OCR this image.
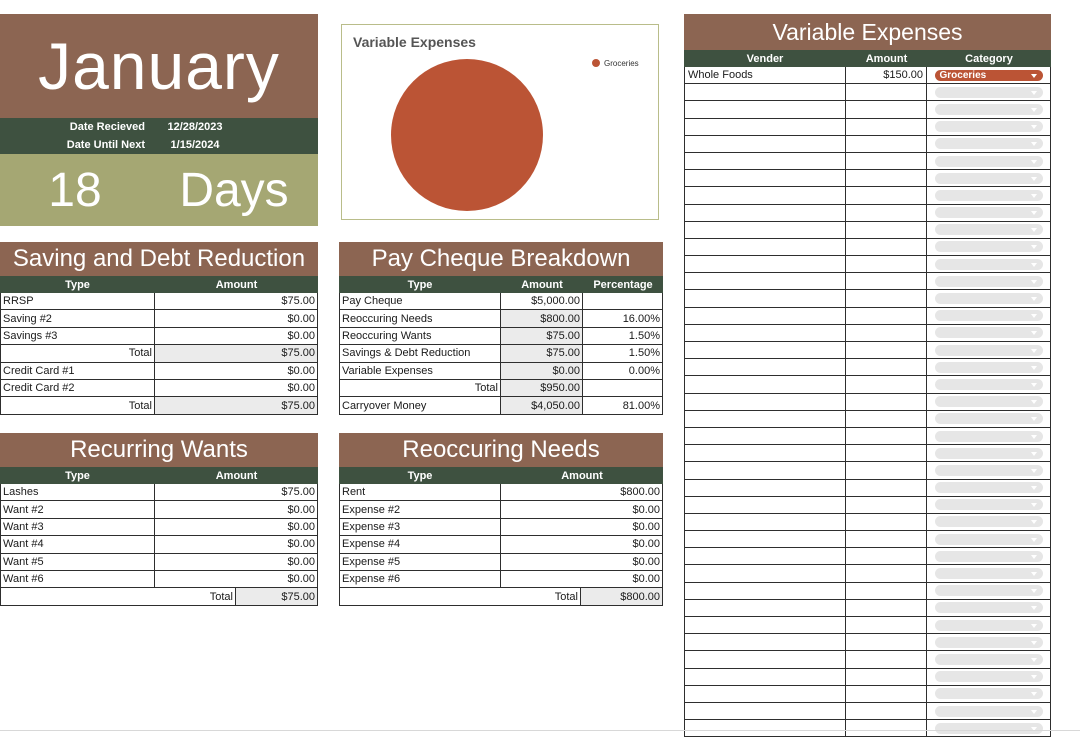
January
Date Recieved	12/28/2023
Date Until Next	1/15/2024
18	Days
Groceries
Variable Expenses
Saving and Debt Reduction
Type	Amount
RRSP	$75.00
Saving #2	$0.00
Savings #3	$0.00
Total	$75.00
Credit Card #1	$0.00
Credit Card #2	$0.00
Total	$75.00
Pay Cheque Breakdown
Type	Amount	Percentage
Pay Cheque	$5,000.00
Reoccuring Needs	$800.00	16.00%
Reoccuring Wants	$75.00	1.50%
Savings & Debt Reduction	$75.00	1.50%
Variable Expenses	$0.00	0.00%
Total	$950.00
Carryover Money	$4,050.00	81.00%
Recurring Wants
Type	Amount
Lashes	$75.00
Want #2	$0.00
Want #3	$0.00
Want #4	$0.00
Want #5	$0.00
Want #6	$0.00
Total	$75.00
Reoccuring Needs
Type	Amount
Rent	$800.00
Expense #2	$0.00
Expense #3	$0.00
Expense #4	$0.00
Expense #5	$0.00
Expense #6	$0.00
Total	$800.00
Variable Expenses
Vender	Amount	Category
Whole Foods	$150.00	Groceries
